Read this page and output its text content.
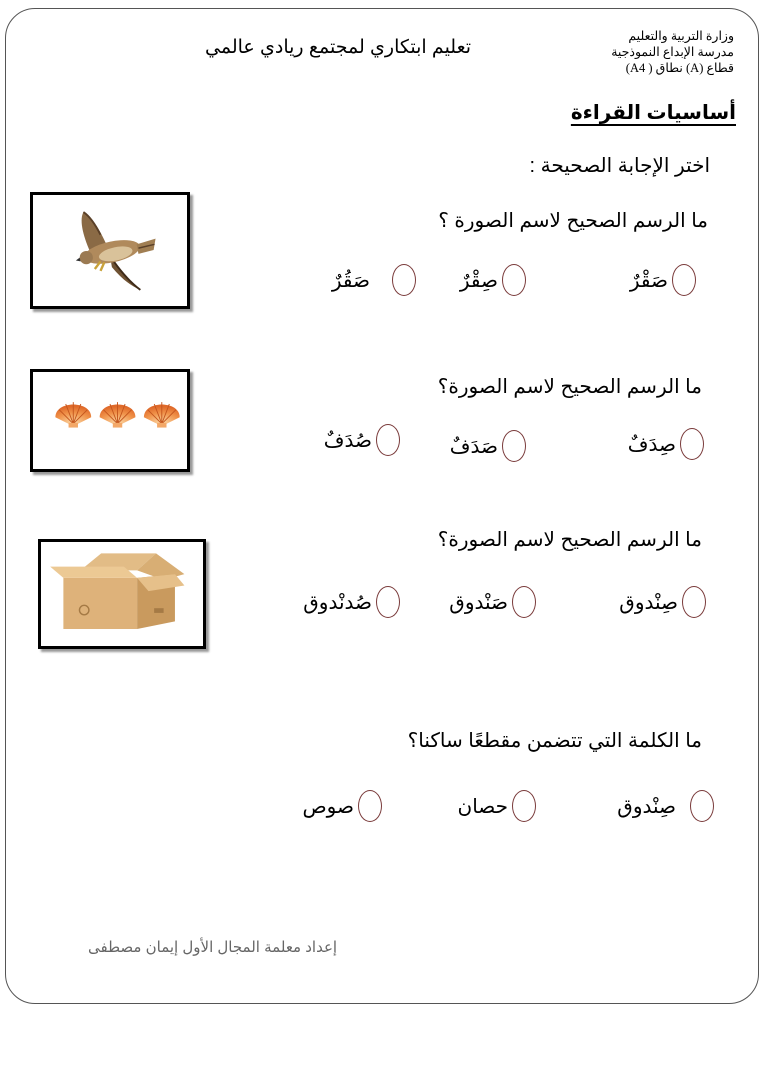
وزارة التربية والتعليم
مدرسة الإبداع النموذجية
قطاع (A) نطاق ( A4)
تعليم ابتكاري لمجتمع ريادي عالمي
أساسيات القراءة
اختر الإجابة الصحيحة :
ما الرسم الصحيح لاسم الصورة ؟
صَقْرٌ
صِقْرٌ
صَقُرٌ
ما الرسم الصحيح لاسم الصورة؟
صِدَفٌ
صَدَفٌ
صُدَفٌ
ما الرسم الصحيح لاسم الصورة؟
صِنْدوق
صَنْدوق
صُدنْدوق
ما الكلمة التي تتضمن مقطعًا ساكنا؟
صِنْدوق
حصان
صوص
إعداد معلمة المجال الأول إيمان مصطفى
